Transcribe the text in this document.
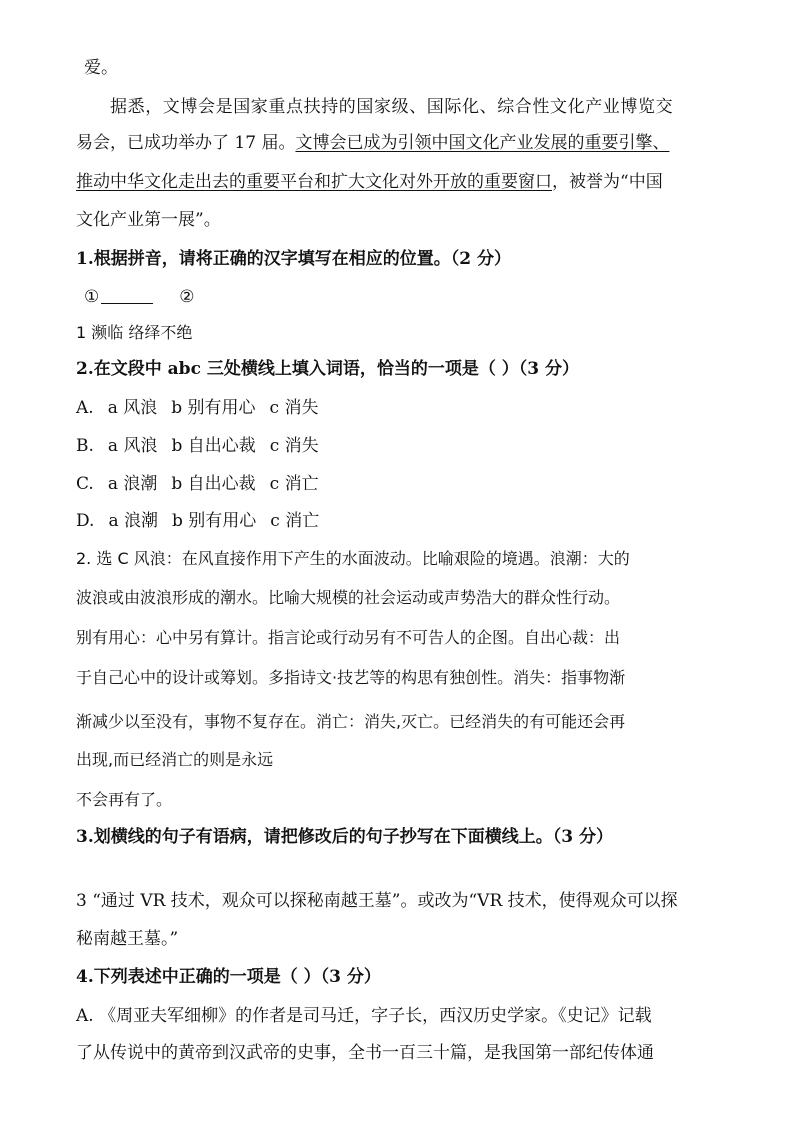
爱。
据悉，文博会是国家重点扶持的国家级、国际化、综合性文化产业博览交
易会，已成功举办了 17 届。文博会已成为引领中国文化产业发展的重要引擎、
推动中华文化走出去的重要平台和扩大文化对外开放的重要窗口，被誉为“中国
文化产业第一展”。
1.根据拼音，请将正确的汉字填写在相应的位置。（2 分）
①	②
1 濒临 络绎不绝
2.在文段中 abc 三处横线上填入词语，恰当的一项是（ ）（3 分）
A. a 风浪 b 别有用心 c 消失
B. a 风浪 b 自出心裁 c 消失
C. a 浪潮 b 自出心裁 c 消亡
D. a 浪潮 b 别有用心 c 消亡
2. 选 C 风浪：在风直接作用下产生的水面波动。比喻艰险的境遇。浪潮：大的
波浪或由波浪形成的潮水。比喻大规模的社会运动或声势浩大的群众性行动。
别有用心：心中另有算计。指言论或行动另有不可告人的企图。自出心裁：出
于自己心中的设计或筹划。多指诗文·技艺等的构思有独创性。消失：指事物渐
渐减少以至没有，事物不复存在。消亡：消失,灭亡。已经消失的有可能还会再
出现,而已经消亡的则是永远
不会再有了。
3.划横线的句子有语病，请把修改后的句子抄写在下面横线上。（3 分）
3 “通过 VR 技术，观众可以探秘南越王墓”。或改为“VR 技术，使得观众可以探
秘南越王墓。”
4.下列表述中正确的一项是（ ）（3 分）
A. 《周亚夫军细柳》的作者是司马迁，字子长，西汉历史学家。《史记》记载
了从传说中的黄帝到汉武帝的史事，全书一百三十篇，是我国第一部纪传体通
